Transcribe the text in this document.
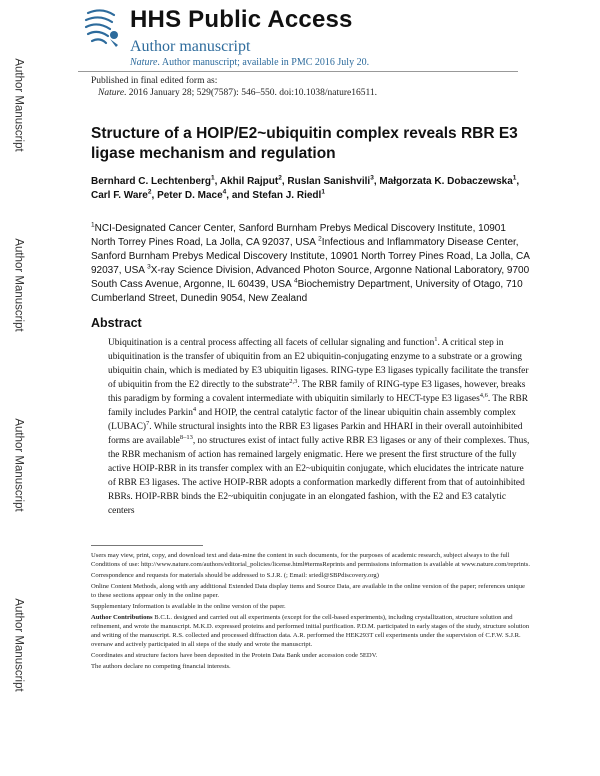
Author Manuscript
Author Manuscript
Author Manuscript
Author Manuscript
HHS Public Access
Author manuscript
Nature. Author manuscript; available in PMC 2016 July 20.
Published in final edited form as:
Nature. 2016 January 28; 529(7587): 546–550. doi:10.1038/nature16511.
Structure of a HOIP/E2~ubiquitin complex reveals RBR E3 ligase mechanism and regulation
Bernhard C. Lechtenberg$^1$, Akhil Rajput$^2$, Ruslan Sanishvili$^3$, Małgorzata K. Dobaczewska$^1$, Carl F. Ware$^2$, Peter D. Mace$^4$, and Stefan J. Riedl$^1$
$^1$NCI-Designated Cancer Center, Sanford Burnham Prebys Medical Discovery Institute, 10901 North Torrey Pines Road, La Jolla, CA 92037, USA $^2$Infectious and Inflammatory Disease Center, Sanford Burnham Prebys Medical Discovery Institute, 10901 North Torrey Pines Road, La Jolla, CA 92037, USA $^3$X-ray Science Division, Advanced Photon Source, Argonne National Laboratory, 9700 South Cass Avenue, Argonne, IL 60439, USA $^4$Biochemistry Department, University of Otago, 710 Cumberland Street, Dunedin 9054, New Zealand
Abstract
Ubiquitination is a central process affecting all facets of cellular signaling and function$^1$. A critical step in ubiquitination is the transfer of ubiquitin from an E2 ubiquitin-conjugating enzyme to a substrate or a growing ubiquitin chain, which is mediated by E3 ubiquitin ligases. RING-type E3 ligases typically facilitate the transfer of ubiquitin from the E2 directly to the substrate$^{2,3}$. The RBR family of RING-type E3 ligases, however, breaks this paradigm by forming a covalent intermediate with ubiquitin similarly to HECT-type E3 ligases$^{4,6}$. The RBR family includes Parkin$^4$ and HOIP, the central catalytic factor of the linear ubiquitin chain assembly complex (LUBAC)$^7$. While structural insights into the RBR E3 ligases Parkin and HHARI in their overall autoinhibited forms are available$^{8-13}$, no structures exist of intact fully active RBR E3 ligases or any of their complexes. Thus, the RBR mechanism of action has remained largely enigmatic. Here we present the first structure of the fully active HOIP-RBR in its transfer complex with an E2~ubiquitin conjugate, which elucidates the intricate nature of RBR E3 ligases. The active HOIP-RBR adopts a conformation markedly different from that of autoinhibited RBRs. HOIP-RBR binds the E2~ubiquitin conjugate in an elongated fashion, with the E2 and E3 catalytic centers

Users may view, print, copy, and download text and data-mine the content in such documents, for the purposes of academic research, subject always to the full Conditions of use: http://www.nature.com/authors/editorial_policies/license.html#termsReprints and permissions information is available at www.nature.com/reprints.

Correspondence and requests for materials should be addressed to S.J.R. (; Email: sriedl@SBPdiscovery.org)

Online Content Methods, along with any additional Extended Data display items and Source Data, are available in the online version of the paper; references unique to these sections appear only in the online paper.

Supplementary Information is available in the online version of the paper.

Author Contributions B.C.L. designed and carried out all experiments (except for the cell-based experiments), including crystallization, structure solution and refinement, and wrote the manuscript. M.K.D. expressed proteins and performed initial purification. P.D.M. participated in early stages of the study, structure solution and writing of the manuscript. R.S. collected and processed diffraction data. A.R. performed the HEK293T cell experiments under the supervision of C.F.W. S.J.R. oversaw and actively participated in all steps of the study and wrote the manuscript.

Coordinates and structure factors have been deposited in the Protein Data Bank under accession code 5EDV.

The authors declare no competing financial interests.
